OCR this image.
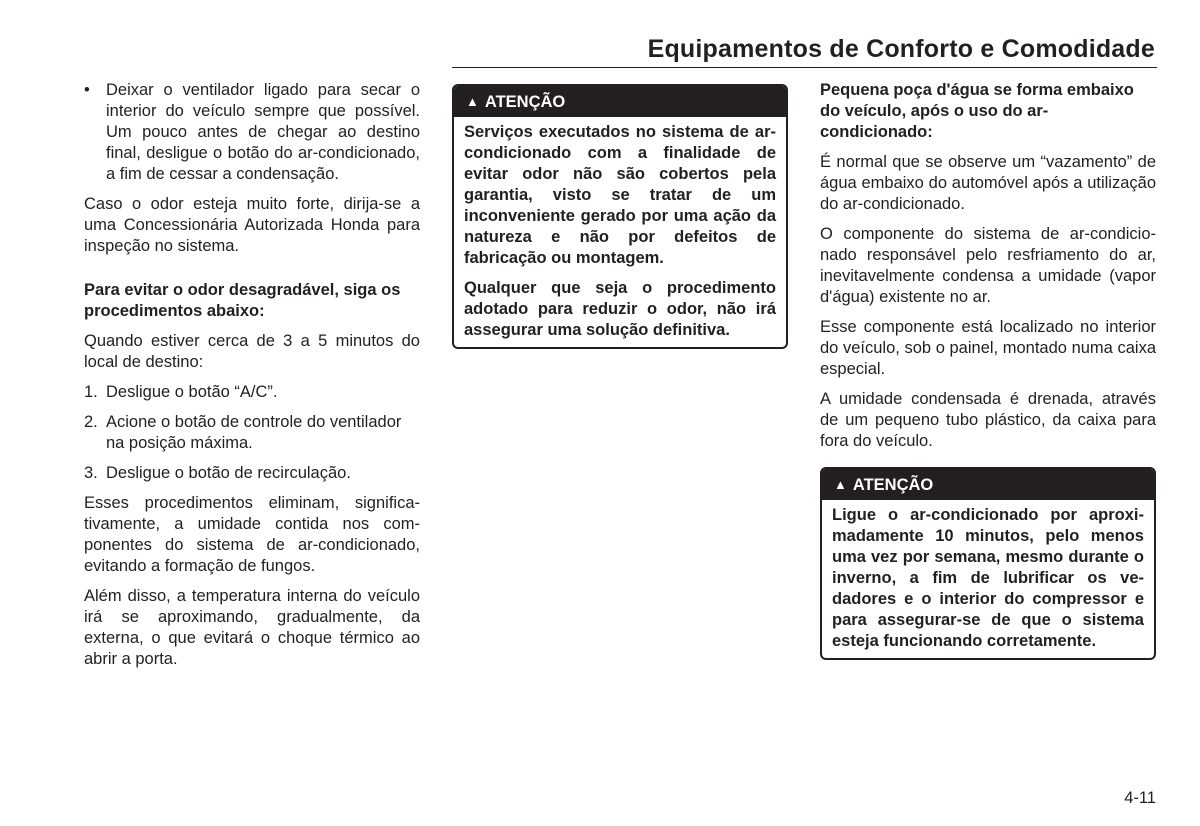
Equipamentos de Conforto e Comodidade
• Deixar o ventilador ligado para secar o interior do veículo sempre que possível. Um pouco antes de chegar ao destino final, desligue o botão do ar-condicionado, a fim de cessar a condensação.

Caso o odor esteja muito forte, dirija-se a uma Concessionária Autorizada Honda para inspeção no sistema.

Para evitar o odor desagradável, siga os procedimentos abaixo:

Quando estiver cerca de 3 a 5 minutos do local de destino:

1. Desligue o botão “A/C”.
2. Acione o botão de controle do ventilador na posição máxima.
3. Desligue o botão de recirculação.

Esses procedimentos eliminam, significativamente, a umidade contida nos componentes do sistema de ar-condicionado, evitando a formação de fungos.

Além disso, a temperatura interna do veículo irá se aproximando, gradualmente, da externa, o que evitará o choque térmico ao abrir a porta.

▲ ATENÇÃO

Serviços executados no sistema de ar-condicionado com a finalidade de evitar odor não são cobertos pela garantia, visto se tratar de um inconveniente gerado por uma ação da natureza e não por defeitos de fabricação ou montagem.

Qualquer que seja o procedimento adotado para reduzir o odor, não irá assegurar uma solução definitiva.

Pequena poça d'água se forma embaixo do veículo, após o uso do ar-condicionado:

É normal que se observe um “vazamento” de água embaixo do automóvel após a utilização do ar-condicionado.

O componente do sistema de ar-condicionado responsável pelo resfriamento do ar, inevitavelmente condensa a umidade (vapor d'água) existente no ar.

Esse componente está localizado no interior do veículo, sob o painel, montado numa caixa especial.

A umidade condensada é drenada, através de um pequeno tubo plástico, da caixa para fora do veículo.

▲ ATENÇÃO

Ligue o ar-condicionado por aproximadamente 10 minutos, pelo menos uma vez por semana, mesmo durante o inverno, a fim de lubrificar os vedadores e o interior do compressor e para assegurar-se de que o sistema esteja funcionando corretamente.

4-11
